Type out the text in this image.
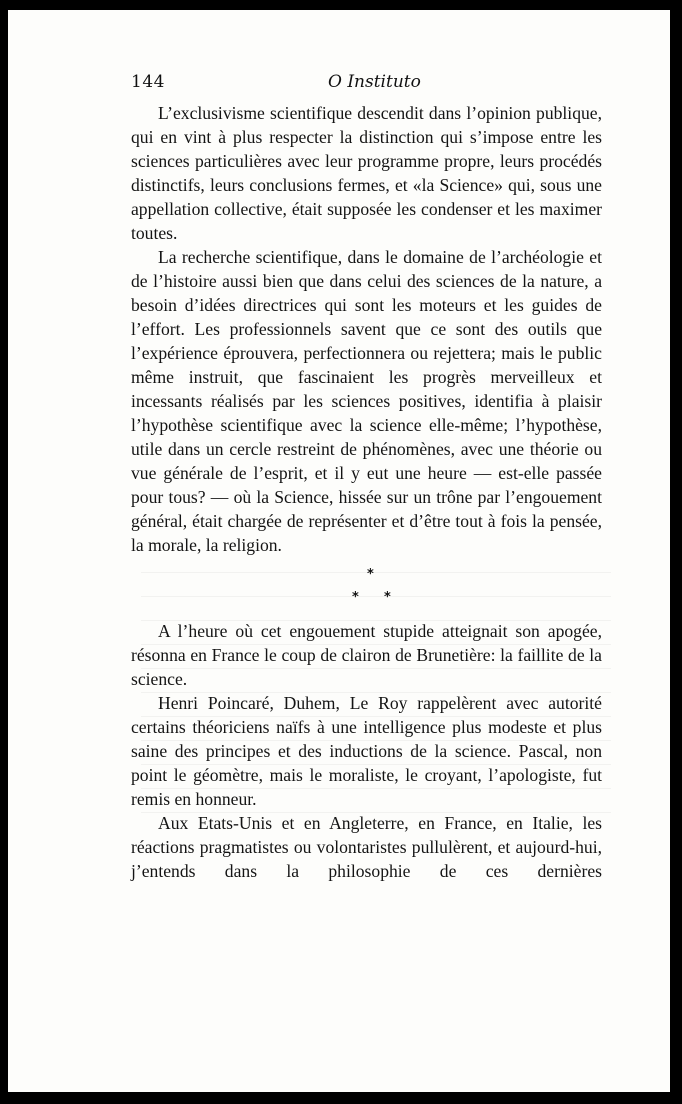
144	O Instituto

L’exclusivisme scientifique descendit dans l’opinion publique, qui en vint à plus respecter la distinction qui s’impose entre les sciences particulières avec leur programme propre, leurs procédés distinctifs, leurs conclusions fermes, et «la Science» qui, sous une appellation collective, était supposée les condenser et les maximer toutes.

La recherche scientifique, dans le domaine de l’archéologie et de l’histoire aussi bien que dans celui des sciences de la nature, a besoin d’idées directrices qui sont les moteurs et les guides de l’effort. Les professionnels savent que ce sont des outils que l’expérience éprouvera, perfectionnera ou rejettera; mais le public même instruit, que fascinaient les progrès merveilleux et incessants réalisés par les sciences positives, identifia à plaisir l’hypothèse scientifique avec la science elle-même; l’hypothèse, utile dans un cercle restreint de phénomènes, avec une théorie ou vue générale de l’esprit, et il y eut une heure — est-elle passée pour tous? — où la Science, hissée sur un trône par l’engouement général, était chargée de représenter et d’être tout à fois la pensée, la morale, la religion.

*
* *

A l’heure où cet engouement stupide atteignait son apogée, résonna en France le coup de clairon de Brunetière: la faillite de la science.

Henri Poincaré, Duhem, Le Roy rappelèrent avec autorité certains théoriciens naïfs à une intelligence plus modeste et plus saine des principes et des inductions de la science. Pascal, non point le géomètre, mais le moraliste, le croyant, l’apologiste, fut remis en honneur.

Aux Etats-Unis et en Angleterre, en France, en Italie, les réactions pragmatistes ou volontaristes pullulèrent, et aujourd-hui, j’entends dans la philosophie de ces dernières
